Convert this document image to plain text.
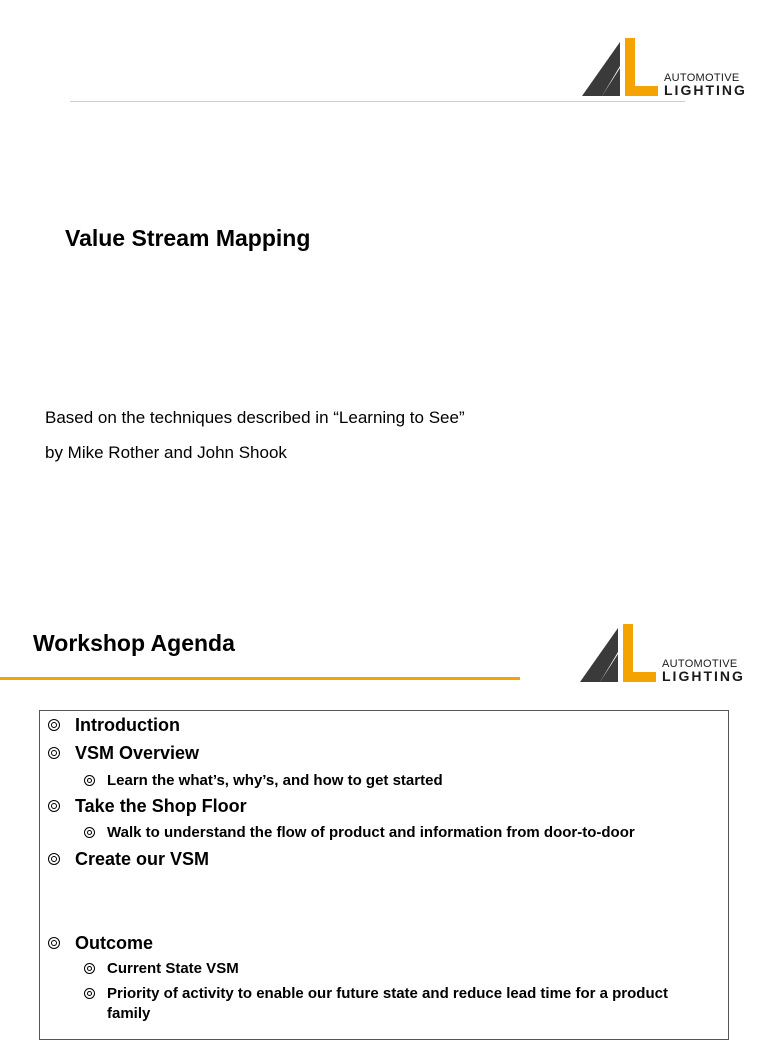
AUTOMOTIVE
LIGHTING
Value Stream Mapping

Based on the techniques described in “Learning to See”

by Mike Rother and John Shook

Workshop Agenda
AUTOMOTIVE
LIGHTING
Introduction
VSM Overview
Learn the what’s, why’s, and how to get started
Take the Shop Floor
Walk to understand the flow of product and information from door-to-door
Create our VSM
Outcome
Current State VSM
Priority of activity to enable our future state and reduce lead time for a product family
